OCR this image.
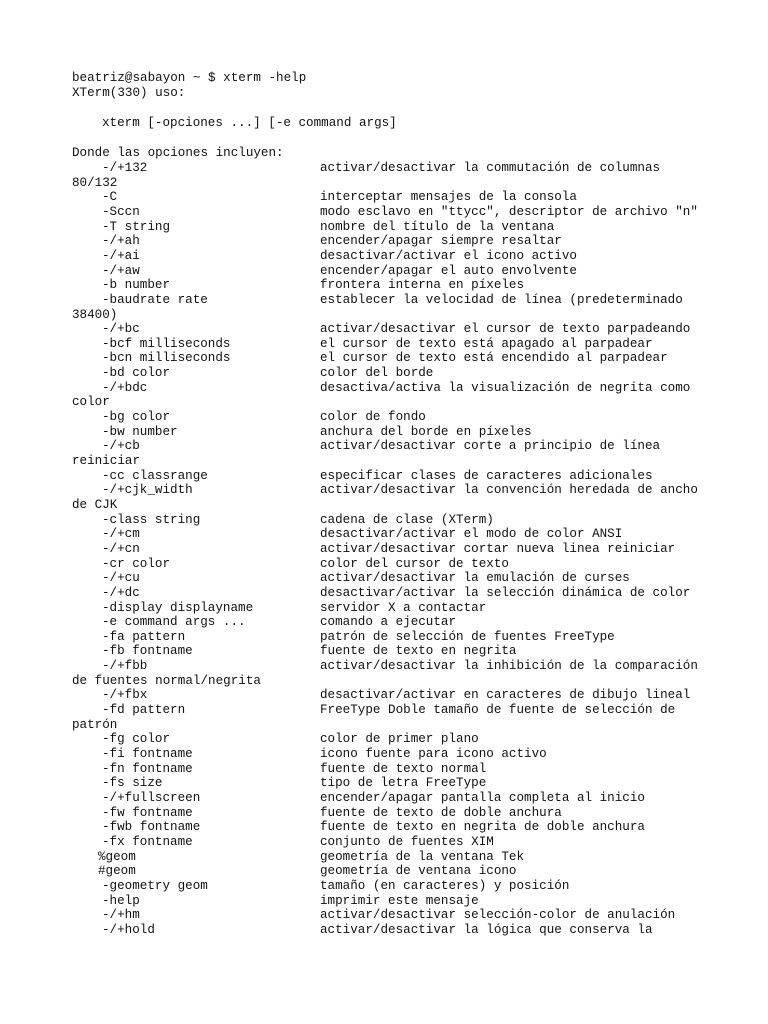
beatriz@sabayon ~ $ xterm -help
XTerm(330) uso:
xterm [-opciones ...] [-e command args]
Donde las opciones incluyen:
-/+132	activar/desactivar la commutación de columnas
80/132
-C	interceptar mensajes de la consola
-Sccn	modo esclavo en "ttycc", descriptor de archivo "n"
-T string	nombre del título de la ventana
-/+ah	encender/apagar siempre resaltar
-/+ai	desactivar/activar el icono activo
-/+aw	encender/apagar el auto envolvente
-b number	frontera interna en píxeles
-baudrate rate	establecer la velocidad de línea (predeterminado
38400)
-/+bc	activar/desactivar el cursor de texto parpadeando
-bcf milliseconds	el cursor de texto está apagado al parpadear
-bcn milliseconds	el cursor de texto está encendido al parpadear
-bd color	color del borde
-/+bdc	desactiva/activa la visualización de negrita como
color
-bg color	color de fondo
-bw number	anchura del borde en píxeles
-/+cb	activar/desactivar corte a principio de línea
reiniciar
-cc classrange	especificar clases de caracteres adicionales
-/+cjk_width	activar/desactivar la convención heredada de ancho
de CJK
-class string	cadena de clase (XTerm)
-/+cm	desactivar/activar el modo de color ANSI
-/+cn	activar/desactivar cortar nueva linea reiniciar
-cr color	color del cursor de texto
-/+cu	activar/desactivar la emulación de curses
-/+dc	desactivar/activar la selección dinámica de color
-display displayname	servidor X a contactar
-e command args ...	comando a ejecutar
-fa pattern	patrón de selección de fuentes FreeType
-fb fontname	fuente de texto en negrita
-/+fbb	activar/desactivar la inhibición de la comparación
de fuentes normal/negrita
-/+fbx	desactivar/activar en caracteres de dibujo lineal
-fd pattern	FreeType Doble tamaño de fuente de selección de
patrón
-fg color	color de primer plano
-fi fontname	icono fuente para icono activo
-fn fontname	fuente de texto normal
-fs size	tipo de letra FreeType
-/+fullscreen	encender/apagar pantalla completa al inicio
-fw fontname	fuente de texto de doble anchura
-fwb fontname	fuente de texto en negrita de doble anchura
-fx fontname	conjunto de fuentes XIM
%geom	geometría de la ventana Tek
#geom	geometría de ventana icono
-geometry geom	tamaño (en caracteres) y posición
-help	imprimir este mensaje
-/+hm	activar/desactivar selección-color de anulación
-/+hold	activar/desactivar la lógica que conserva la
